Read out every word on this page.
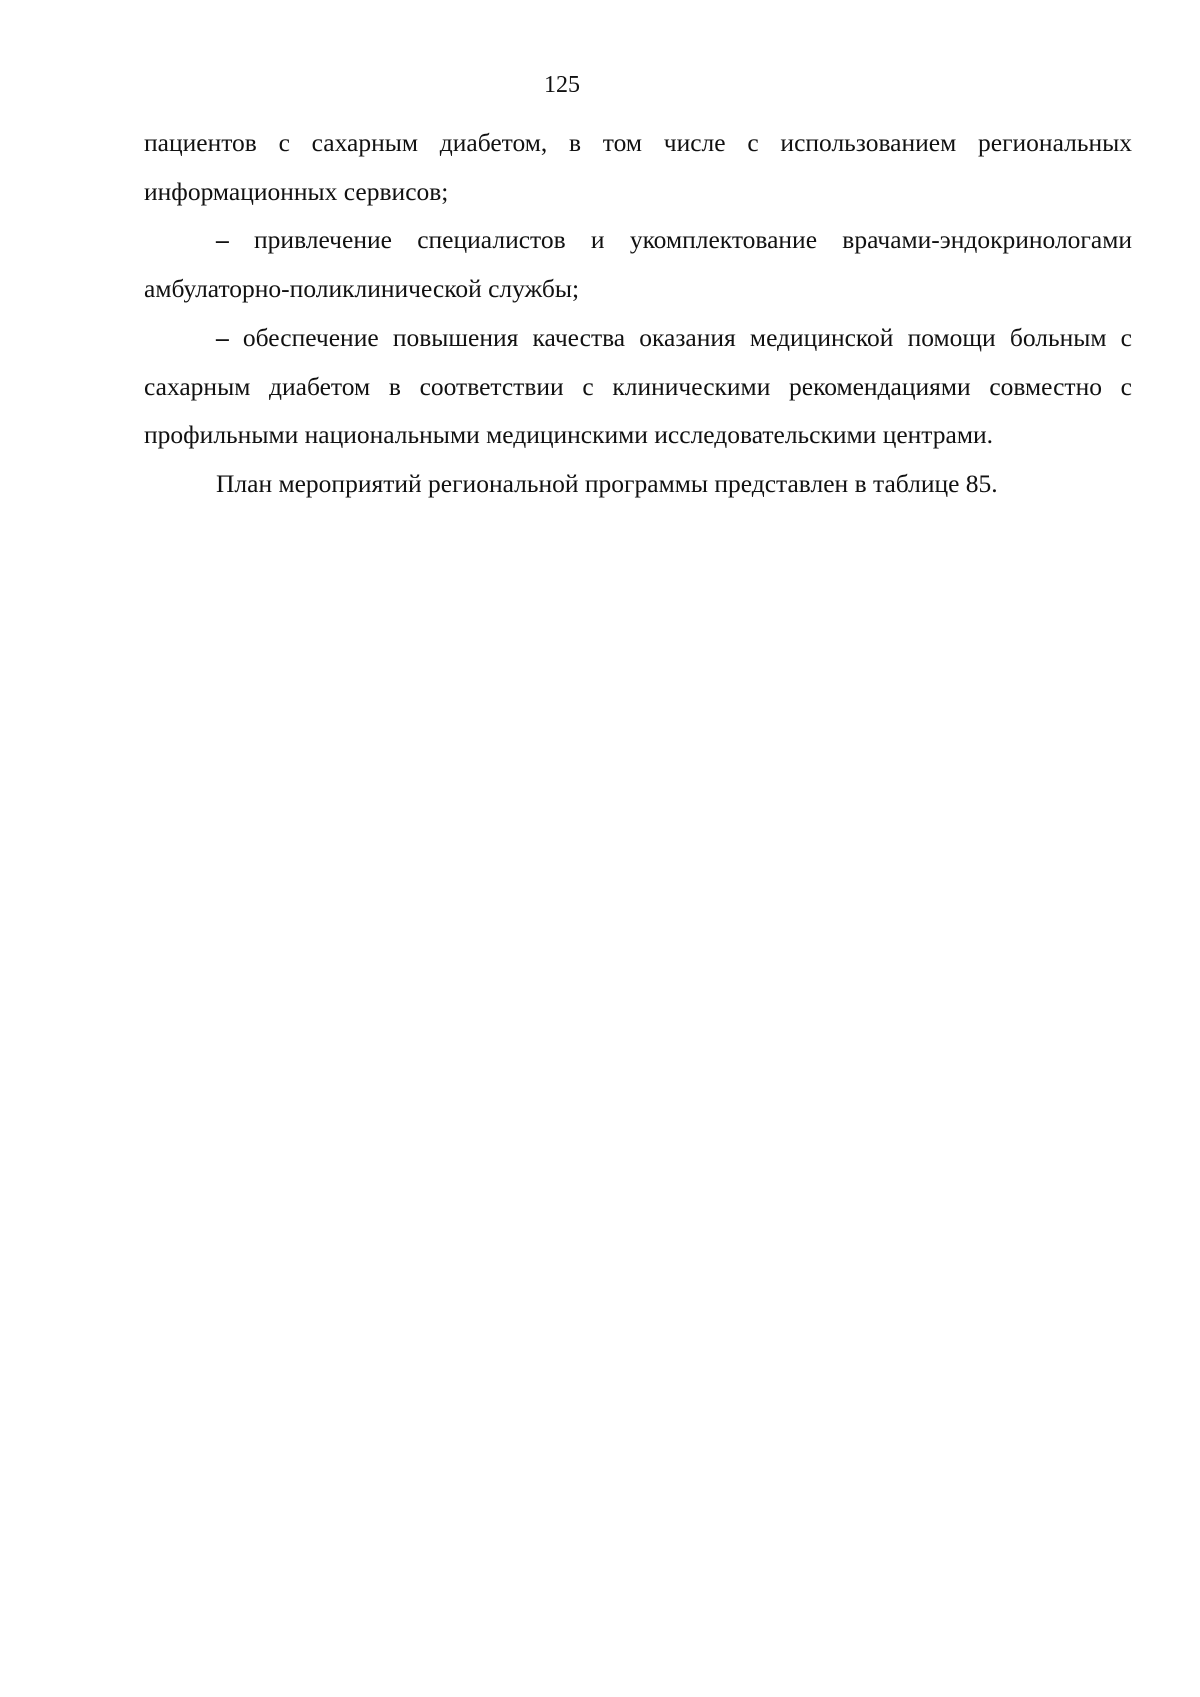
125

пациентов с сахарным диабетом, в том числе с использованием региональных информационных сервисов;

– привлечение специалистов и укомплектование врачами-эндокринологами амбулаторно-поликлинической службы;

– обеспечение повышения качества оказания медицинской помощи больным с сахарным диабетом в соответствии с клиническими рекомендациями совместно с профильными национальными медицинскими исследовательскими центрами.

План мероприятий региональной программы представлен в таблице 85.
